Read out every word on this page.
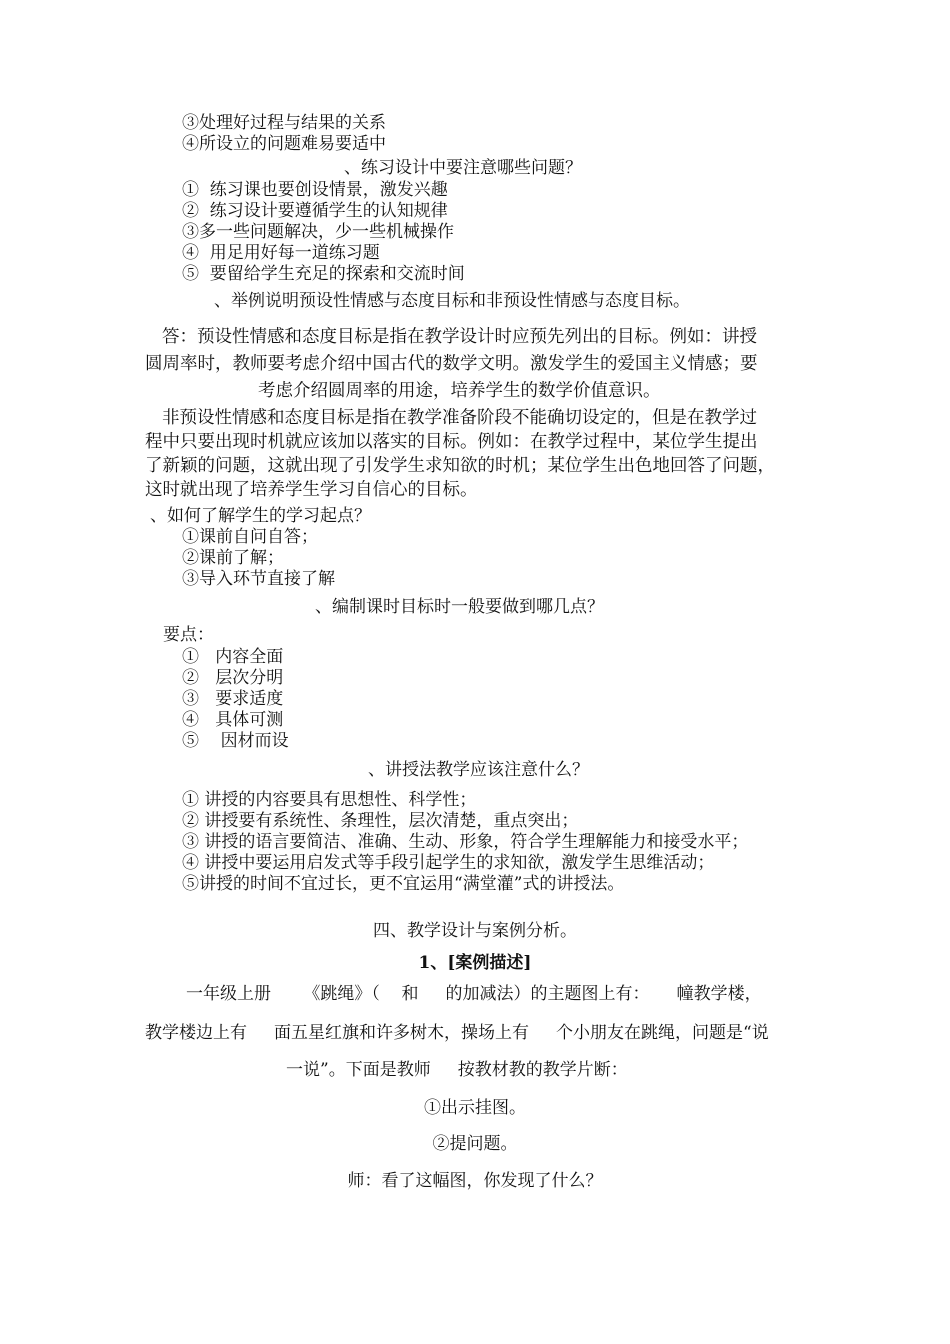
③处理好过程与结果的关系
④所设立的问题难易要适中
、练习设计中要注意哪些问题？
①  练习课也要创设情景，激发兴趣
②  练习设计要遵循学生的认知规律
③多一些问题解决，少一些机械操作
④  用足用好每一道练习题
⑤  要留给学生充足的探索和交流时间
、举例说明预设性情感与态度目标和非预设性情感与态度目标。
答：预设性情感和态度目标是指在教学设计时应预先列出的目标。例如：讲授
圆周率时，教师要考虑介绍中国古代的数学文明。激发学生的爱国主义情感；要
考虑介绍圆周率的用途，培养学生的数学价值意识。
非预设性情感和态度目标是指在教学准备阶段不能确切设定的，但是在教学过
程中只要出现时机就应该加以落实的目标。例如：在教学过程中，某位学生提出
了新颖的问题，这就出现了引发学生求知欲的时机；某位学生出色地回答了问题，
这时就出现了培养学生学习自信心的目标。
、如何了解学生的学习起点？
①课前自问自答；
②课前了解；
③导入环节直接了解
、编制课时目标时一般要做到哪几点？
要点：
①   内容全面
②   层次分明
③   要求适度
④   具体可测
⑤    因材而设
、讲授法教学应该注意什么？
① 讲授的内容要具有思想性、科学性；
② 讲授要有系统性、条理性，层次清楚，重点突出；
③ 讲授的语言要简洁、准确、生动、形象，符合学生理解能力和接受水平；
④ 讲授中要运用启发式等手段引起学生的求知欲，激发学生思维活动；
⑤讲授的时间不宜过长，更不宜运用“满堂灌”式的讲授法。
四、教学设计与案例分析。
1、[案例描述]
一年级上册      《跳绳》（    和     的加减法）的主题图上有：     幢教学楼，
教学楼边上有     面五星红旗和许多树木，操场上有     个小朋友在跳绳，问题是“说
一说”。下面是教师     按教材教的教学片断：
①出示挂图。
②提问题。
师：看了这幅图，你发现了什么？
